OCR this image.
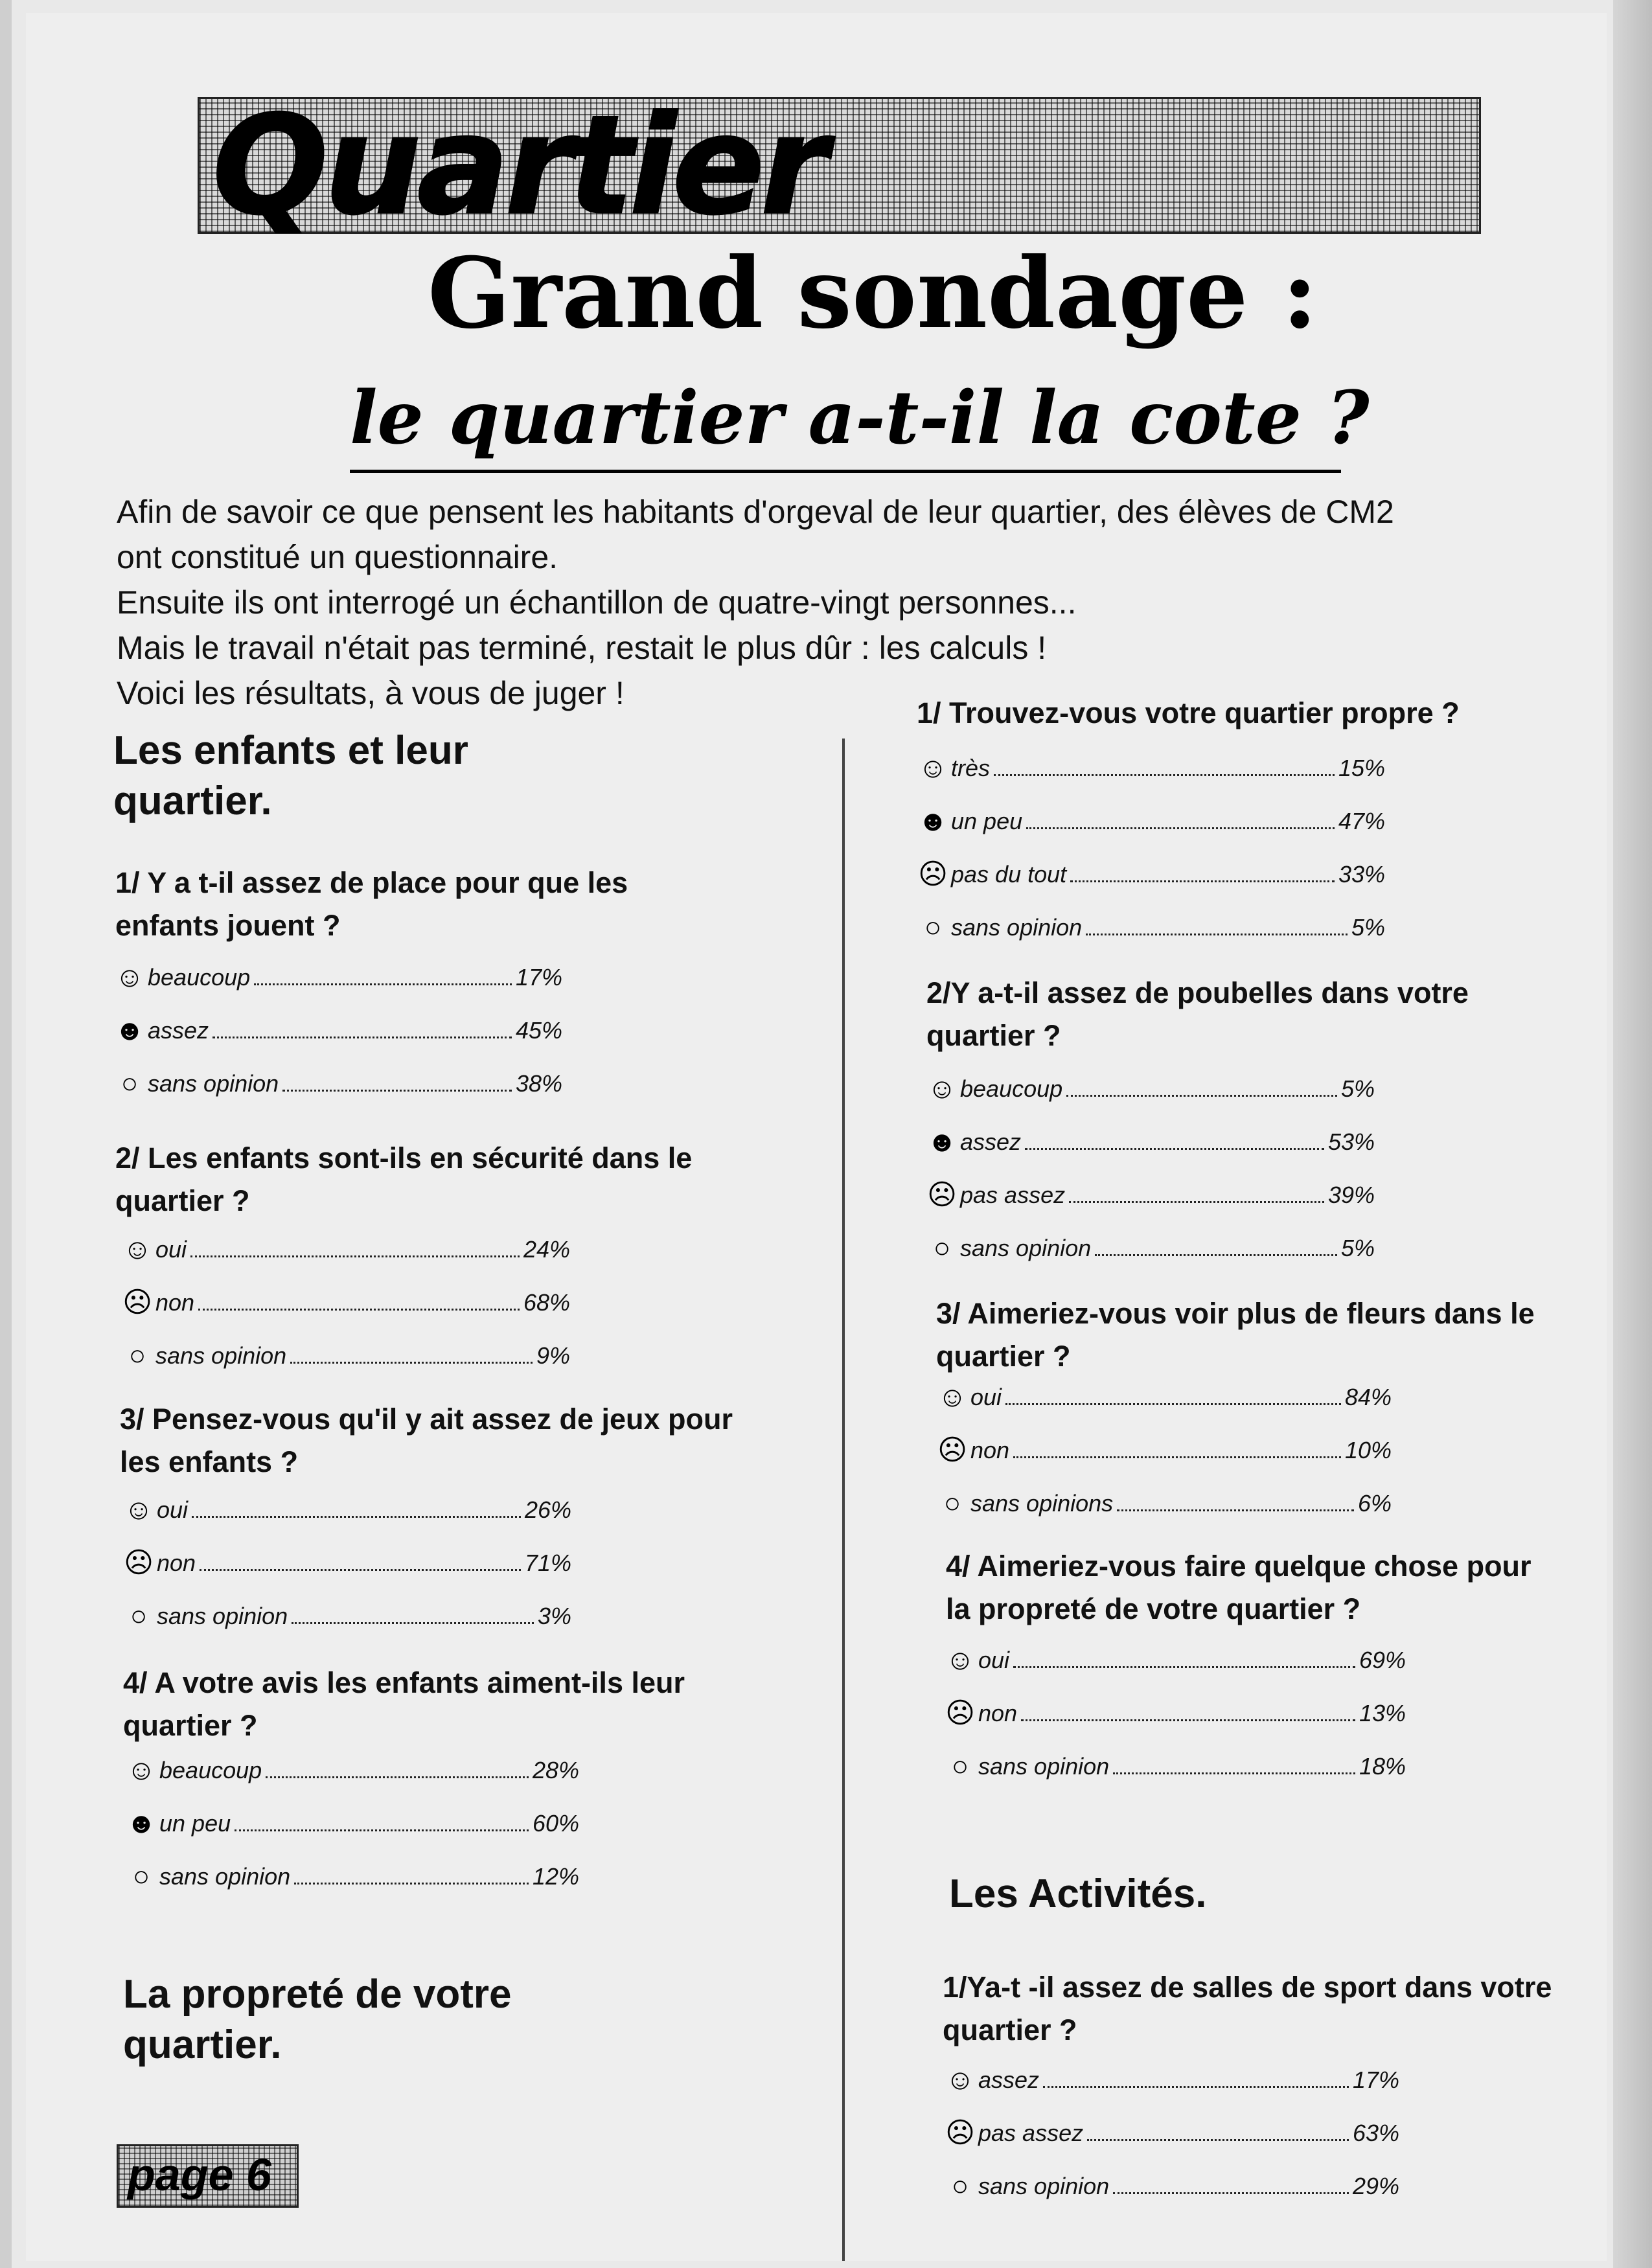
Quartier
Grand sondage :
le quartier a-t-il la cote ?

Afin de savoir ce que pensent les habitants d'orgeval de leur quartier, des élèves de CM2

ont constitué un questionnaire.

Ensuite ils ont interrogé un échantillon de quatre-vingt personnes...

Mais le travail n'était pas terminé, restait le plus dûr : les calculs !

Voici les résultats, à vous de juger !

Les enfants et leur quartier.
1/ Y a t-il assez de place pour que les enfants jouent ?
☺ beaucoup	17%
☻ assez	45%
○ sans opinion	38%
2/ Les enfants sont-ils en sécurité dans le quartier ?
☺ oui	24%
☹ non	68%
○ sans opinion	9%
3/ Pensez-vous qu'il y ait assez de jeux pour les enfants ?
☺ oui	26%
☹ non	71%
○ sans opinion	3%
4/ A votre avis les enfants aiment-ils leur quartier ?
☺ beaucoup	28%
☻ un peu	60%
○ sans opinion	12%
La propreté de votre quartier.
page 6
1/ Trouvez-vous votre quartier propre ?
☺ très	15%
☻ un peu	47%
☹ pas du tout	33%
○ sans opinion	5%
2/Y a-t-il assez de poubelles dans votre quartier ?
☺ beaucoup	5%
☻ assez	53%
☹ pas assez	39%
○ sans opinion	5%
3/ Aimeriez-vous voir plus de fleurs dans le quartier ?
☺ oui	84%
☹ non	10%
○ sans opinions	6%
4/ Aimeriez-vous faire quelque chose pour la propreté de votre quartier ?
☺ oui	69%
☹ non	13%
○ sans opinion	18%
Les Activités.
1/Ya-t -il assez de salles de sport dans votre quartier ?
☺ assez	17%
☹ pas assez	63%
○ sans opinion	29%
